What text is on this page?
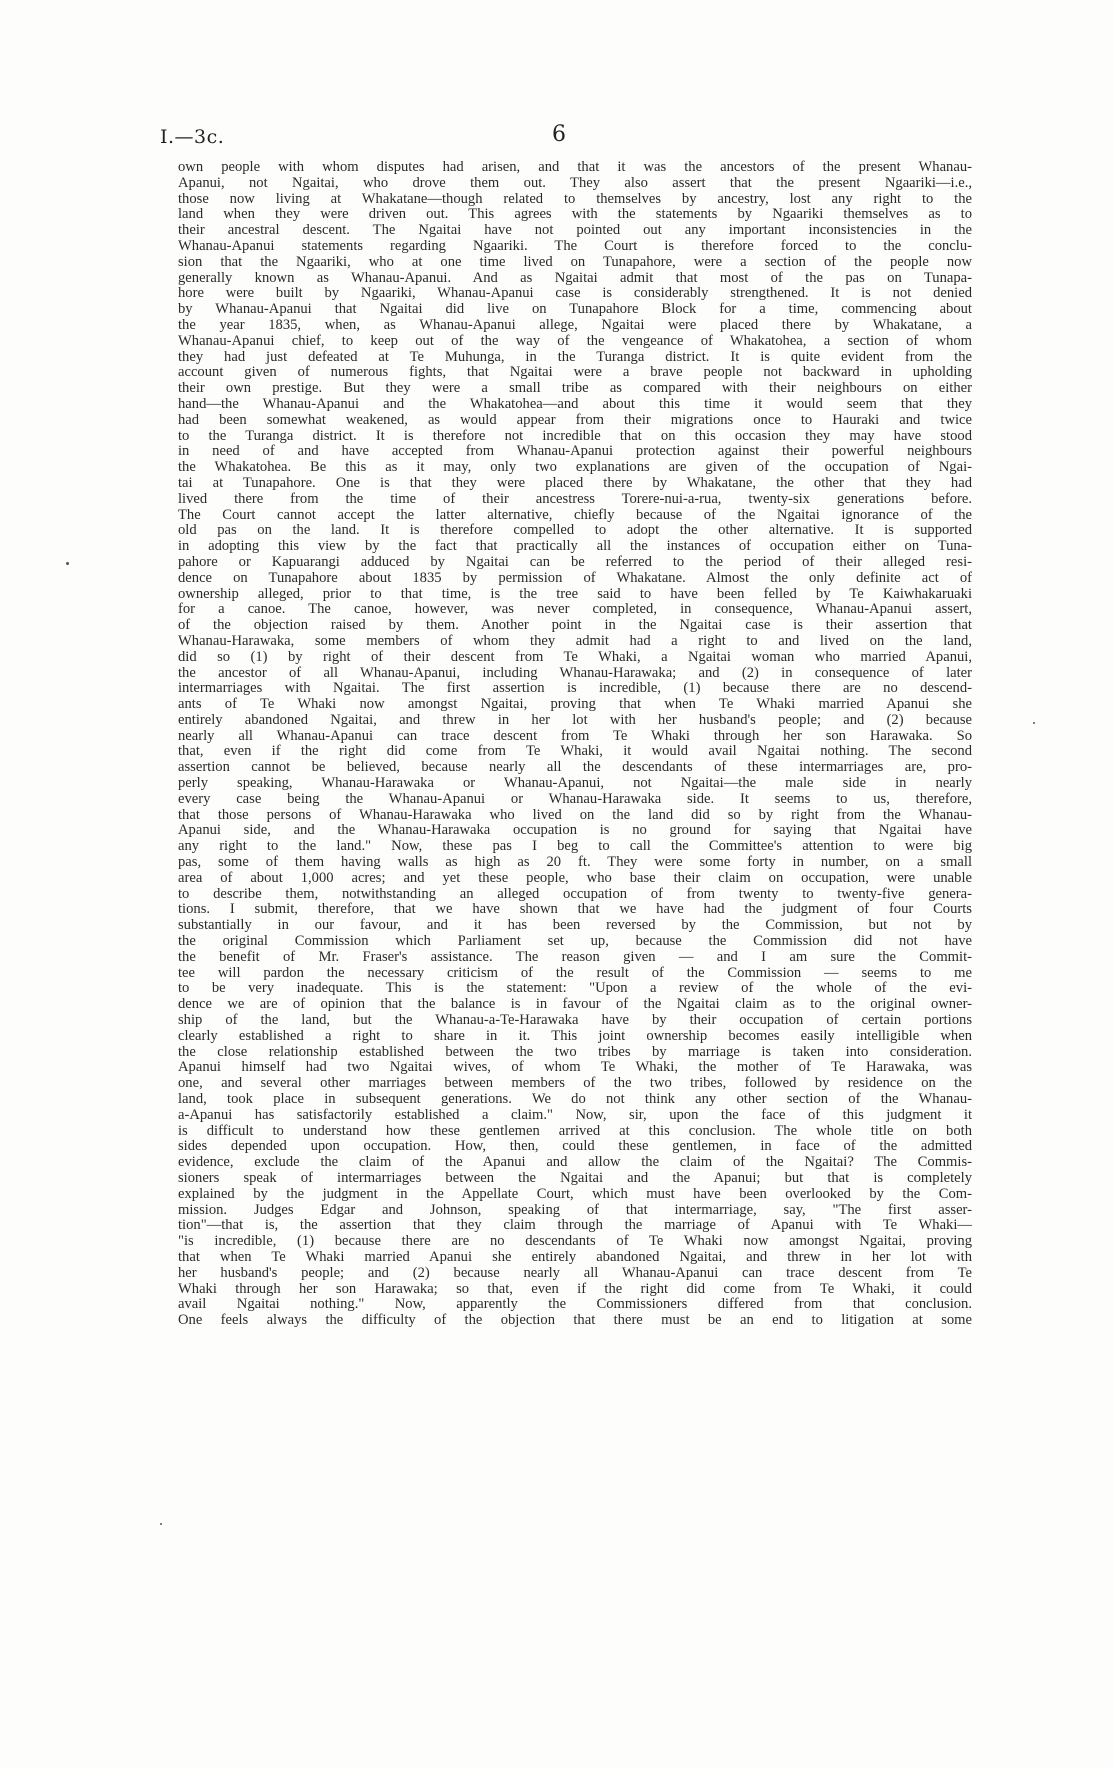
I.—3c.	6
own people with whom disputes had arisen, and that it was the ancestors of the present Whanau-
Apanui, not Ngaitai, who drove them out. They also assert that the present Ngaariki—i.e.,
those now living at Whakatane—though related to themselves by ancestry, lost any right to the
land when they were driven out. This agrees with the statements by Ngaariki themselves as to
their ancestral descent. The Ngaitai have not pointed out any important inconsistencies in the
Whanau-Apanui statements regarding Ngaariki. The Court is therefore forced to the conclu-
sion that the Ngaariki, who at one time lived on Tunapahore, were a section of the people now
generally known as Whanau-Apanui. And as Ngaitai admit that most of the pas on Tunapa-
hore were built by Ngaariki, Whanau-Apanui case is considerably strengthened. It is not denied
by Whanau-Apanui that Ngaitai did live on Tunapahore Block for a time, commencing about
the year 1835, when, as Whanau-Apanui allege, Ngaitai were placed there by Whakatane, a
Whanau-Apanui chief, to keep out of the way of the vengeance of Whakatohea, a section of whom
they had just defeated at Te Muhunga, in the Turanga district. It is quite evident from the
account given of numerous fights, that Ngaitai were a brave people not backward in upholding
their own prestige. But they were a small tribe as compared with their neighbours on either
hand—the Whanau-Apanui and the Whakatohea—and about this time it would seem that they
had been somewhat weakened, as would appear from their migrations once to Hauraki and twice
to the Turanga district. It is therefore not incredible that on this occasion they may have stood
in need of and have accepted from Whanau-Apanui protection against their powerful neighbours
the Whakatohea. Be this as it may, only two explanations are given of the occupation of Ngai-
tai at Tunapahore. One is that they were placed there by Whakatane, the other that they had
lived there from the time of their ancestress Torere-nui-a-rua, twenty-six generations before.
The Court cannot accept the latter alternative, chiefly because of the Ngaitai ignorance of the
old pas on the land. It is therefore compelled to adopt the other alternative. It is supported
in adopting this view by the fact that practically all the instances of occupation either on Tuna-
pahore or Kapuarangi adduced by Ngaitai can be referred to the period of their alleged resi-
dence on Tunapahore about 1835 by permission of Whakatane. Almost the only definite act of
ownership alleged, prior to that time, is the tree said to have been felled by Te Kaiwhakaruaki
for a canoe. The canoe, however, was never completed, in consequence, Whanau-Apanui assert,
of the objection raised by them. Another point in the Ngaitai case is their assertion that
Whanau-Harawaka, some members of whom they admit had a right to and lived on the land,
did so (1) by right of their descent from Te Whaki, a Ngaitai woman who married Apanui,
the ancestor of all Whanau-Apanui, including Whanau-Harawaka; and (2) in consequence of later
intermarriages with Ngaitai. The first assertion is incredible, (1) because there are no descend-
ants of Te Whaki now amongst Ngaitai, proving that when Te Whaki married Apanui she
entirely abandoned Ngaitai, and threw in her lot with her husband's people; and (2) because
nearly all Whanau-Apanui can trace descent from Te Whaki through her son Harawaka. So
that, even if the right did come from Te Whaki, it would avail Ngaitai nothing. The second
assertion cannot be believed, because nearly all the descendants of these intermarriages are, pro-
perly speaking, Whanau-Harawaka or Whanau-Apanui, not Ngaitai—the male side in nearly
every case being the Whanau-Apanui or Whanau-Harawaka side. It seems to us, therefore,
that those persons of Whanau-Harawaka who lived on the land did so by right from the Whanau-
Apanui side, and the Whanau-Harawaka occupation is no ground for saying that Ngaitai have
any right to the land." Now, these pas I beg to call the Committee's attention to were big
pas, some of them having walls as high as 20 ft. They were some forty in number, on a small
area of about 1,000 acres; and yet these people, who base their claim on occupation, were unable
to describe them, notwithstanding an alleged occupation of from twenty to twenty-five genera-
tions. I submit, therefore, that we have shown that we have had the judgment of four Courts
substantially in our favour, and it has been reversed by the Commission, but not by
the original Commission which Parliament set up, because the Commission did not have
the benefit of Mr. Fraser's assistance. The reason given — and I am sure the Commit-
tee will pardon the necessary criticism of the result of the Commission — seems to me
to be very inadequate. This is the statement: "Upon a review of the whole of the evi-
dence we are of opinion that the balance is in favour of the Ngaitai claim as to the original owner-
ship of the land, but the Whanau-a-Te-Harawaka have by their occupation of certain portions
clearly established a right to share in it. This joint ownership becomes easily intelligible when
the close relationship established between the two tribes by marriage is taken into consideration.
Apanui himself had two Ngaitai wives, of whom Te Whaki, the mother of Te Harawaka, was
one, and several other marriages between members of the two tribes, followed by residence on the
land, took place in subsequent generations. We do not think any other section of the Whanau-
a-Apanui has satisfactorily established a claim." Now, sir, upon the face of this judgment it
is difficult to understand how these gentlemen arrived at this conclusion. The whole title on both
sides depended upon occupation. How, then, could these gentlemen, in face of the admitted
evidence, exclude the claim of the Apanui and allow the claim of the Ngaitai? The Commis-
sioners speak of intermarriages between the Ngaitai and the Apanui; but that is completely
explained by the judgment in the Appellate Court, which must have been overlooked by the Com-
mission. Judges Edgar and Johnson, speaking of that intermarriage, say, "The first asser-
tion"—that is, the assertion that they claim through the marriage of Apanui with Te Whaki—
"is incredible, (1) because there are no descendants of Te Whaki now amongst Ngaitai, proving
that when Te Whaki married Apanui she entirely abandoned Ngaitai, and threw in her lot with
her husband's people; and (2) because nearly all Whanau-Apanui can trace descent from Te
Whaki through her son Harawaka; so that, even if the right did come from Te Whaki, it could
avail Ngaitai nothing." Now, apparently the Commissioners differed from that conclusion.
One feels always the difficulty of the objection that there must be an end to litigation at some
